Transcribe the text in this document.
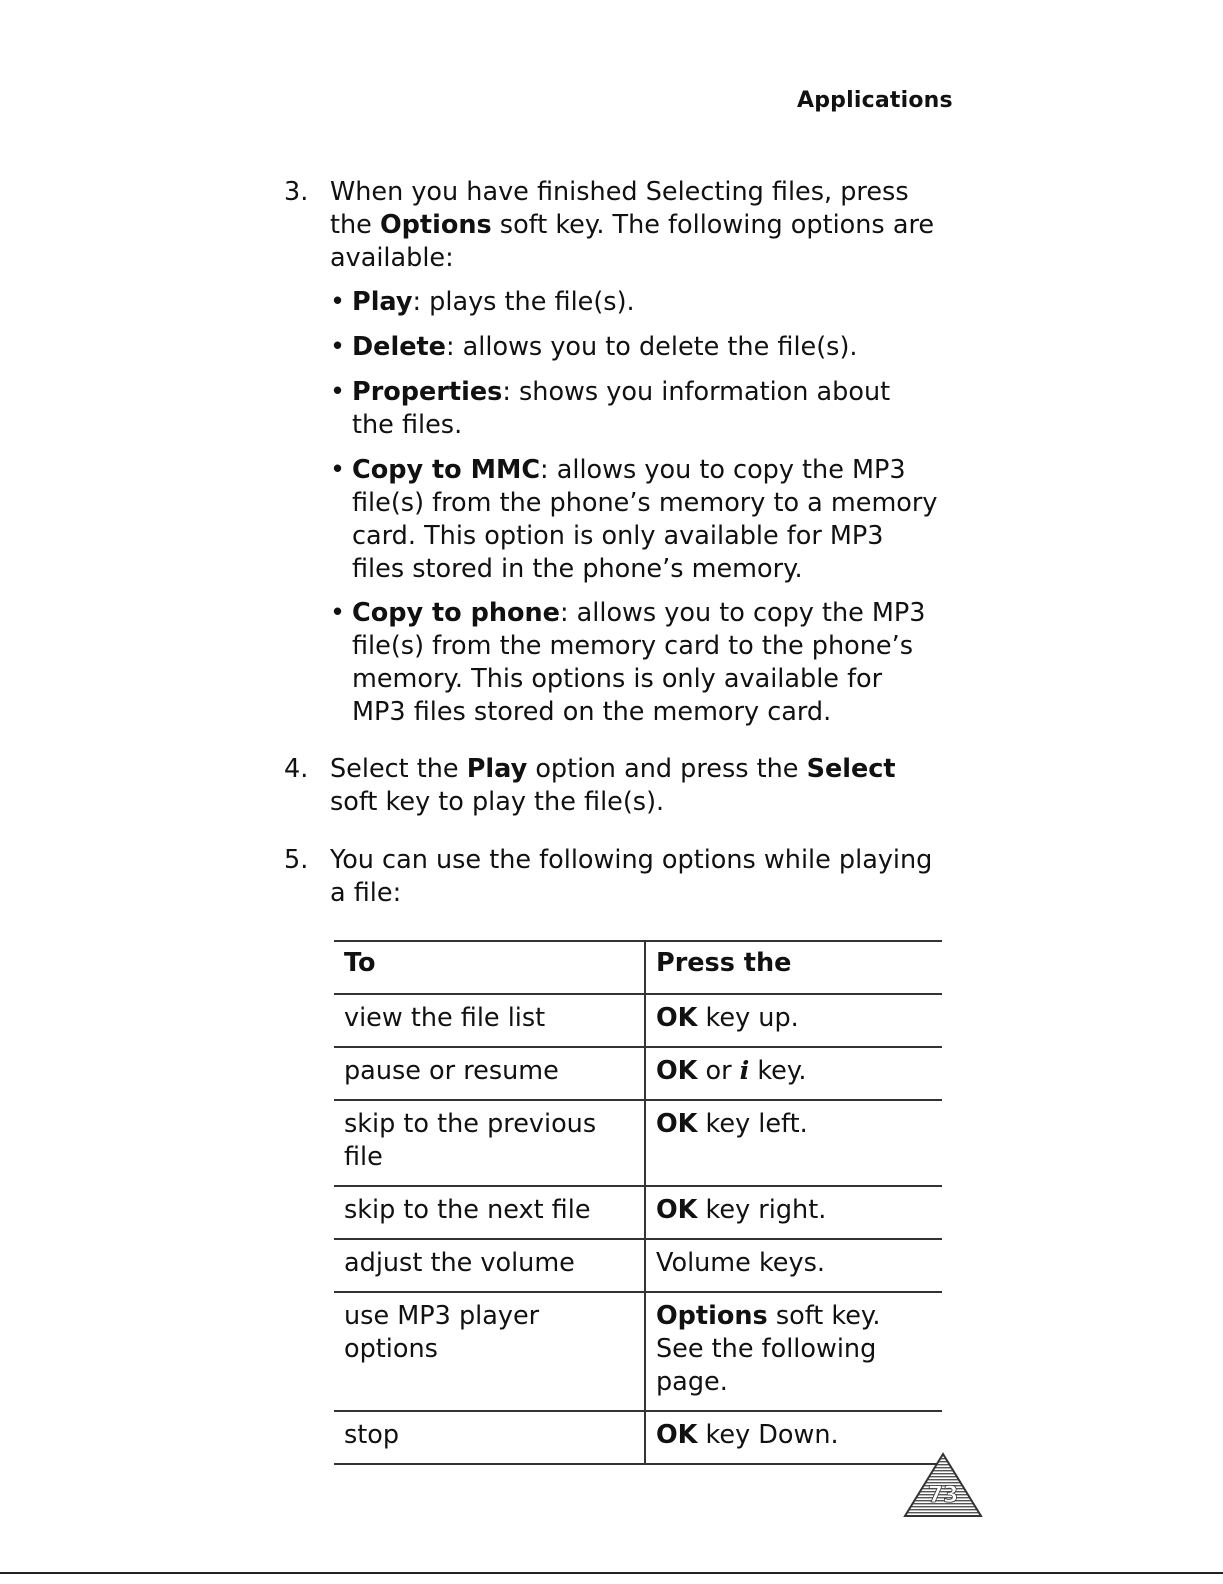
Applications
3. When you have finished Selecting files, press the Options soft key. The following options are available:
• Play: plays the file(s).
• Delete: allows you to delete the file(s).
• Properties: shows you information about the files.
• Copy to MMC: allows you to copy the MP3 file(s) from the phone’s memory to a memory card. This option is only available for MP3 files stored in the phone’s memory.
• Copy to phone: allows you to copy the MP3 file(s) from the memory card to the phone’s memory. This options is only available for MP3 files stored on the memory card.
4. Select the Play option and press the Select soft key to play the file(s).
5. You can use the following options while playing a file:
To	Press the
view the file list	OK key up.
pause or resume	OK or i key.
skip to the previous file	OK key left.
skip to the next file	OK key right.
adjust the volume	Volume keys.
use MP3 player options	Options soft key. See the following page.
stop	OK key Down.
73
